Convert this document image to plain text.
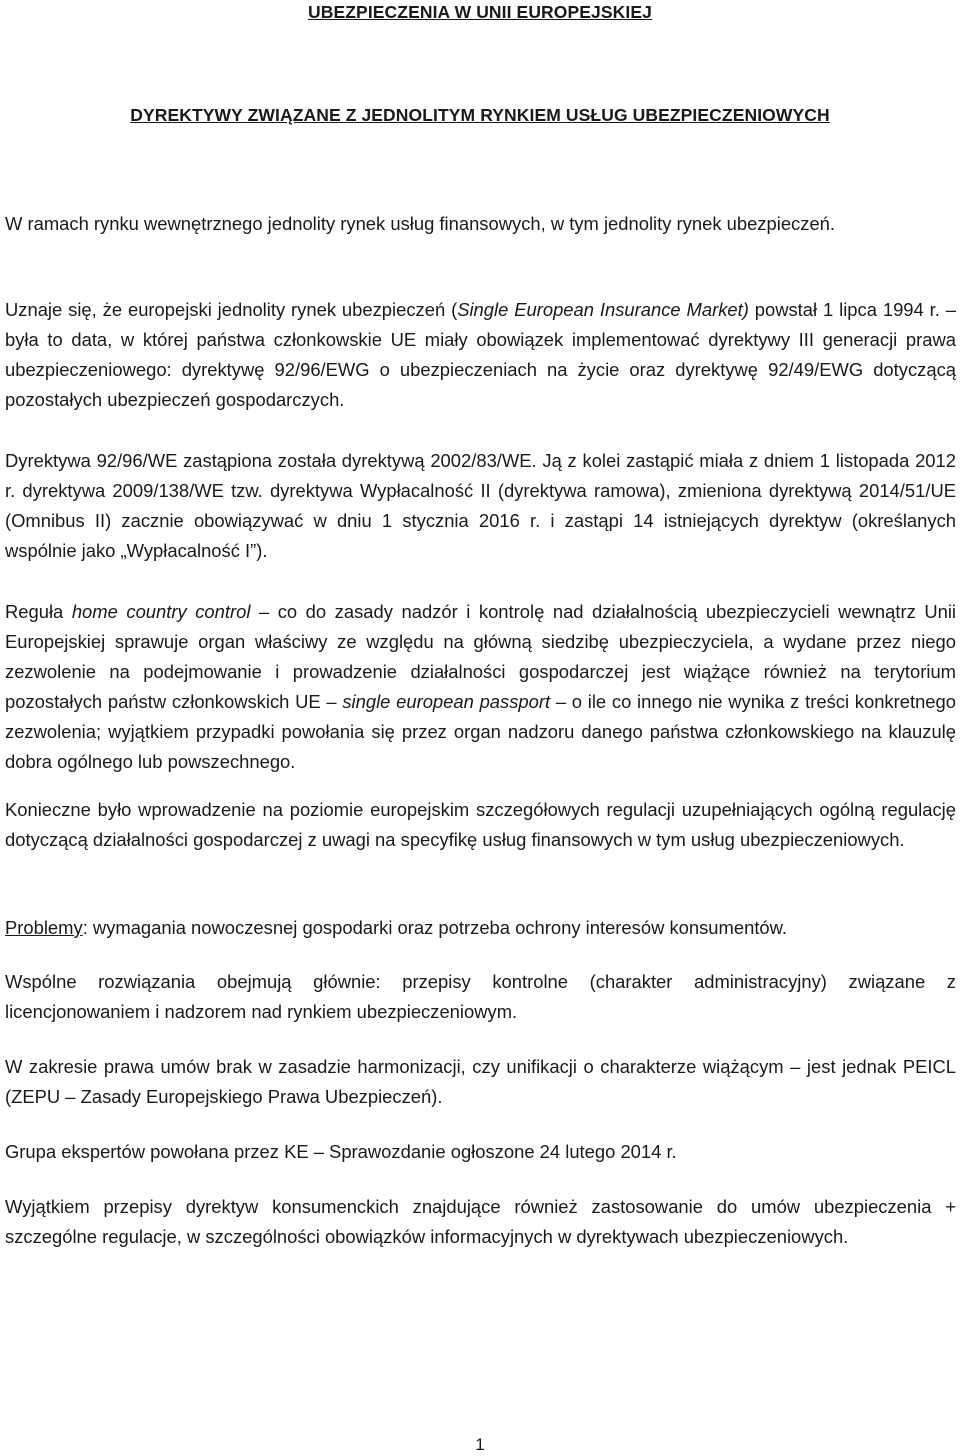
UBEZPIECZENIA W UNII EUROPEJSKIEJ
DYREKTYWY ZWIĄZANE Z JEDNOLITYM RYNKIEM USŁUG UBEZPIECZENIOWYCH

W ramach rynku wewnętrznego jednolity rynek usług finansowych, w tym jednolity rynek ubezpieczeń.

Uznaje się, że europejski jednolity rynek ubezpieczeń (Single European Insurance Market) powstał 1 lipca 1994 r. – była to data, w której państwa członkowskie UE miały obowiązek implementować dyrektywy III generacji prawa ubezpieczeniowego: dyrektywę 92/96/EWG o ubezpieczeniach na życie oraz dyrektywę 92/49/EWG dotyczącą pozostałych ubezpieczeń gospodarczych.

Dyrektywa 92/96/WE zastąpiona została dyrektywą 2002/83/WE. Ją z kolei zastąpić miała z dniem 1 listopada 2012 r. dyrektywa 2009/138/WE tzw. dyrektywa Wypłacalność II (dyrektywa ramowa), zmieniona dyrektywą 2014/51/UE (Omnibus II) zacznie obowiązywać w dniu 1 stycznia 2016 r. i zastąpi 14 istniejących dyrektyw (określanych wspólnie jako „Wypłacalność I”).

Reguła home country control – co do zasady nadzór i kontrolę nad działalnością ubezpieczycieli wewnątrz Unii Europejskiej sprawuje organ właściwy ze względu na główną siedzibę ubezpieczyciela, a wydane przez niego zezwolenie na podejmowanie i prowadzenie działalności gospodarczej jest wiążące również na terytorium pozostałych państw członkowskich UE – single european passport – o ile co innego nie wynika z treści konkretnego zezwolenia; wyjątkiem przypadki powołania się przez organ nadzoru danego państwa członkowskiego na klauzulę dobra ogólnego lub powszechnego.

Konieczne było wprowadzenie na poziomie europejskim szczegółowych regulacji uzupełniających ogólną regulację dotyczącą działalności gospodarczej z uwagi na specyfikę usług finansowych w tym usług ubezpieczeniowych.

Problemy: wymagania nowoczesnej gospodarki oraz potrzeba ochrony interesów konsumentów.

Wspólne rozwiązania obejmują głównie: przepisy kontrolne (charakter administracyjny) związane z licencjonowaniem i nadzorem nad rynkiem ubezpieczeniowym.

W zakresie prawa umów brak w zasadzie harmonizacji, czy unifikacji o charakterze wiążącym – jest jednak PEICL (ZEPU – Zasady Europejskiego Prawa Ubezpieczeń).

Grupa ekspertów powołana przez KE – Sprawozdanie ogłoszone 24 lutego 2014 r.

Wyjątkiem przepisy dyrektyw konsumenckich znajdujące również zastosowanie do umów ubezpieczenia + szczególne regulacje, w szczególności obowiązków informacyjnych w dyrektywach ubezpieczeniowych.

1
